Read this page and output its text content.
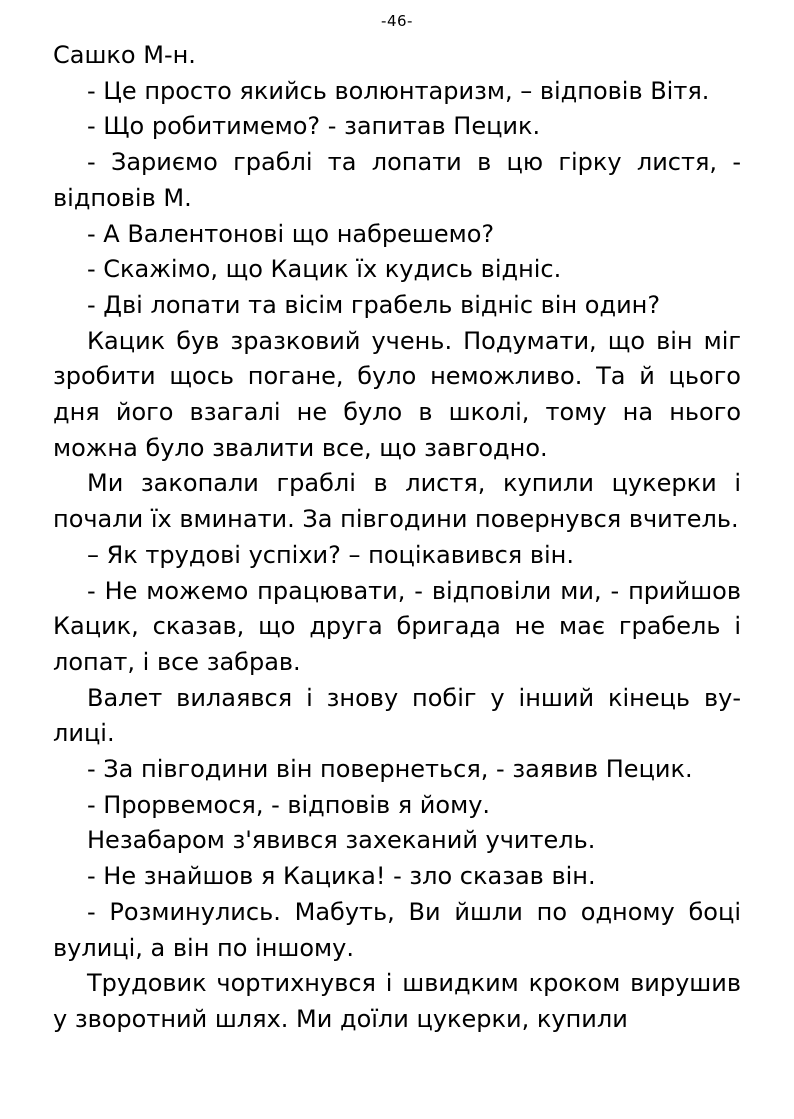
-46-

Сашко М-н.

- Це просто якийсь волюнтаризм, – відповів Вітя.

- Що робитимемо? - запитав Пецик.

- Зариємо граблі та лопати в цю гірку листя, - відповів М.

- А Валентонові що набрешемо?

- Скажімо, що Кацик їх кудись відніс.

- Дві лопати та вісім грабель відніс він один?

Кацик був зразковий учень. Подумати, що він міг зробити щось погане, було неможливо. Та й цього дня його взагалі не було в школі, тому на нього можна було звалити все, що завгодно.

Ми закопали граблі в листя, купили цукерки і почали їх вминати. За півгодини повернувся вчитель.

– Як трудові успіхи? – поцікавився він.

- Не можемо працювати, - відповіли ми, - прийшов Кацик, сказав, що друга бригада не має грабель і лопат, і все забрав.

Валет вилаявся і знову побіг у інший кінець вулиці.

- За півгодини він повернеться, - заявив Пецик.

- Прорвемося, - відповів я йому.

Незабаром з'явився захеканий учитель.

- Не знайшов я Кацика! - зло сказав він.

- Розминулись. Мабуть, Ви йшли по одному боці вулиці, а він по іншому.

Трудовик чортихнувся і швидким кроком вирушив у зворотний шлях. Ми доїли цукерки, купили
